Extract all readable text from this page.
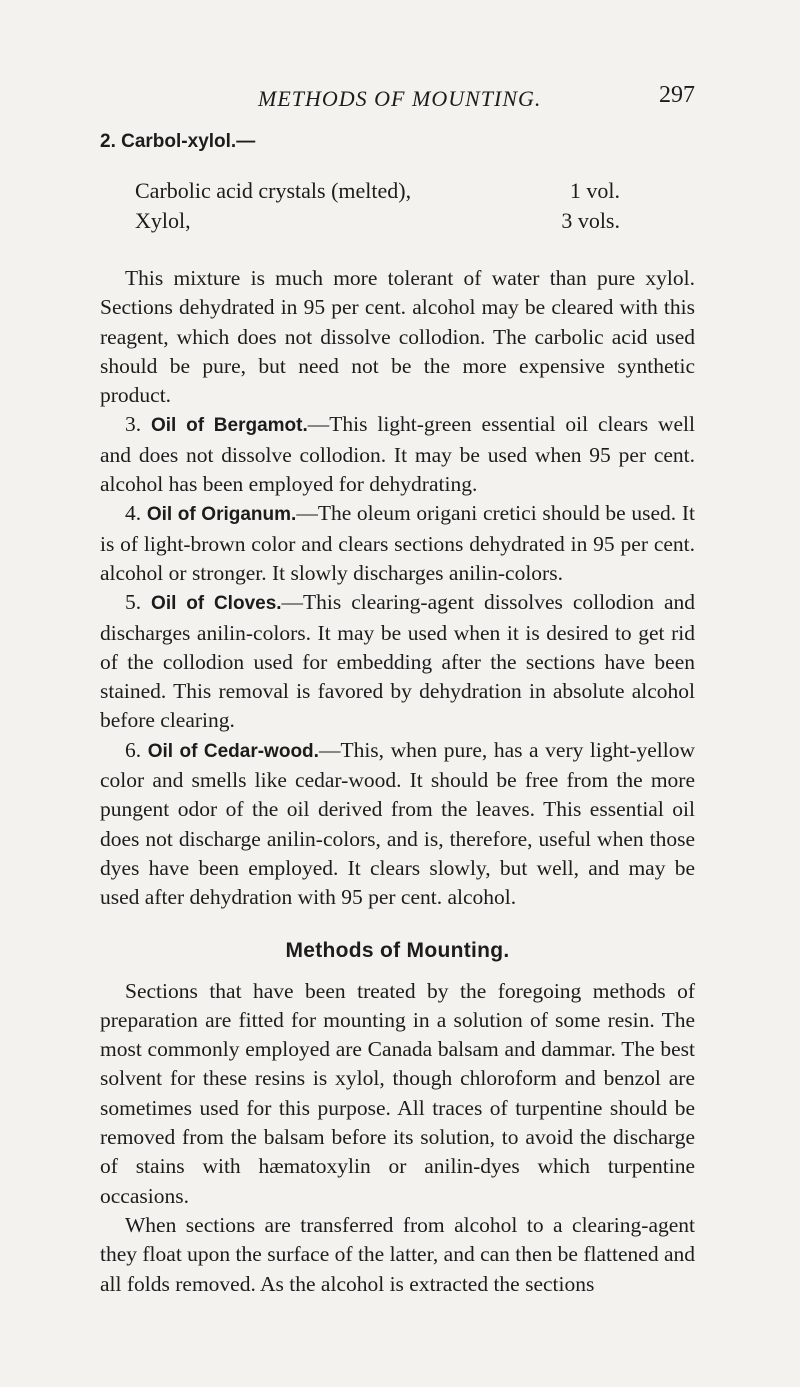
METHODS OF MOUNTING.	297
2. Carbol-xylol.—
Carbolic acid crystals (melted),	1 vol.
Xylol,	3 vols.

This mixture is much more tolerant of water than pure xylol. Sections dehydrated in 95 per cent. alcohol may be cleared with this reagent, which does not dissolve collodion. The carbolic acid used should be pure, but need not be the more expensive synthetic product.

3. Oil of Bergamot.—This light-green essential oil clears well and does not dissolve collodion. It may be used when 95 per cent. alcohol has been employed for dehydrating.

4. Oil of Origanum.—The oleum origani cretici should be used. It is of light-brown color and clears sections dehydrated in 95 per cent. alcohol or stronger. It slowly discharges anilin-colors.

5. Oil of Cloves.—This clearing-agent dissolves collodion and discharges anilin-colors. It may be used when it is desired to get rid of the collodion used for embedding after the sections have been stained. This removal is favored by dehydration in absolute alcohol before clearing.

6. Oil of Cedar-wood.—This, when pure, has a very light-yellow color and smells like cedar-wood. It should be free from the more pungent odor of the oil derived from the leaves. This essential oil does not discharge anilin-colors, and is, therefore, useful when those dyes have been employed. It clears slowly, but well, and may be used after dehydration with 95 per cent. alcohol.

Methods of Mounting.

Sections that have been treated by the foregoing methods of preparation are fitted for mounting in a solution of some resin. The most commonly employed are Canada balsam and dammar. The best solvent for these resins is xylol, though chloroform and benzol are sometimes used for this purpose. All traces of turpentine should be removed from the balsam before its solution, to avoid the discharge of stains with hæmatoxylin or anilin-dyes which turpentine occasions.

When sections are transferred from alcohol to a clearing-agent they float upon the surface of the latter, and can then be flattened and all folds removed. As the alcohol is extracted the sections
